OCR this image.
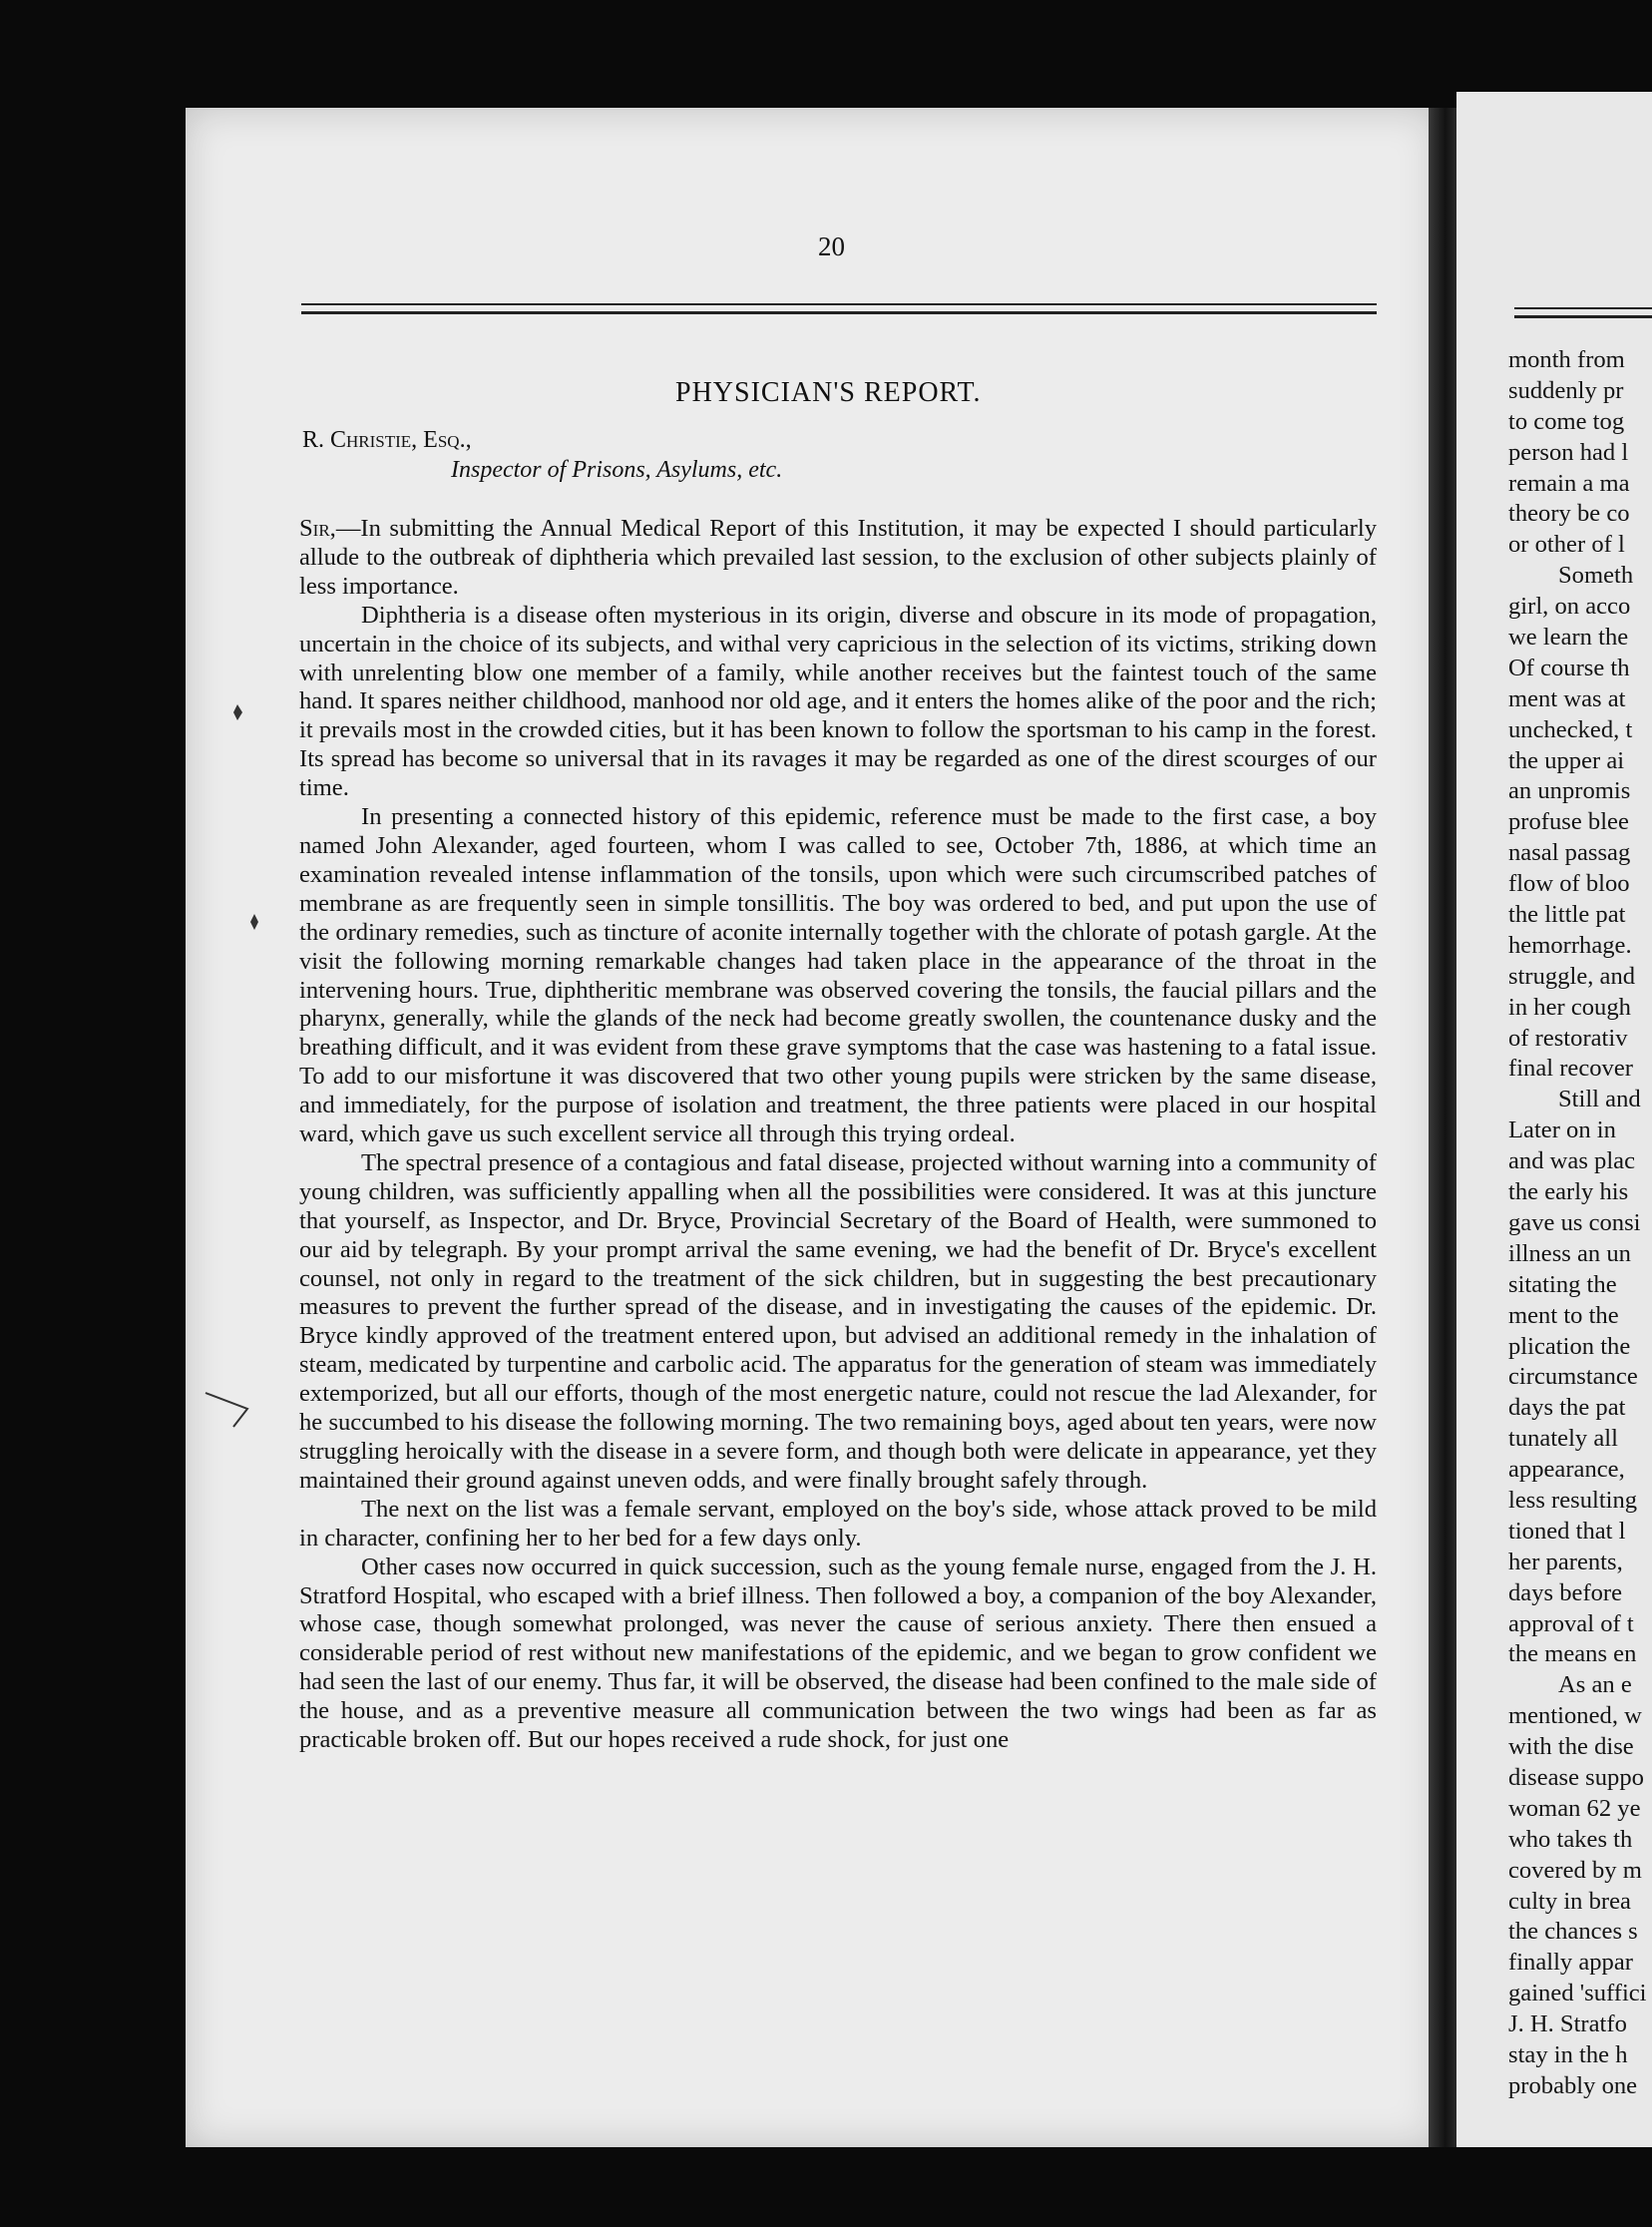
20
PHYSICIAN'S REPORT.
R. Christie, Esq.,
Inspector of Prisons, Asylums, etc.

Sir,—In submitting the Annual Medical Report of this Institution, it may be expected I should particularly allude to the outbreak of diphtheria which prevailed last session, to the exclusion of other subjects plainly of less importance.

Diphtheria is a disease often mysterious in its origin, diverse and obscure in its mode of propagation, uncertain in the choice of its subjects, and withal very capricious in the selection of its victims, striking down with unrelenting blow one member of a family, while another receives but the faintest touch of the same hand. It spares neither childhood, manhood nor old age, and it enters the homes alike of the poor and the rich; it prevails most in the crowded cities, but it has been known to follow the sportsman to his camp in the forest. Its spread has become so universal that in its ravages it may be regarded as one of the direst scourges of our time.

In presenting a connected history of this epidemic, reference must be made to the first case, a boy named John Alexander, aged fourteen, whom I was called to see, October 7th, 1886, at which time an examination revealed intense inflammation of the tonsils, upon which were such circumscribed patches of membrane as are frequently seen in simple tonsillitis. The boy was ordered to bed, and put upon the use of the ordinary remedies, such as tincture of aconite internally together with the chlorate of potash gargle. At the visit the following morning remarkable changes had taken place in the appearance of the throat in the intervening hours. True, diphtheritic membrane was observed covering the tonsils, the faucial pillars and the pharynx, generally, while the glands of the neck had become greatly swollen, the countenance dusky and the breathing difficult, and it was evident from these grave symptoms that the case was hastening to a fatal issue. To add to our misfortune it was discovered that two other young pupils were stricken by the same disease, and immediately, for the purpose of isolation and treatment, the three patients were placed in our hospital ward, which gave us such excellent service all through this trying ordeal.

The spectral presence of a contagious and fatal disease, projected without warning into a community of young children, was sufficiently appalling when all the possibilities were considered. It was at this juncture that yourself, as Inspector, and Dr. Bryce, Provincial Secretary of the Board of Health, were summoned to our aid by telegraph. By your prompt arrival the same evening, we had the benefit of Dr. Bryce's excellent counsel, not only in regard to the treatment of the sick children, but in suggesting the best precautionary measures to prevent the further spread of the disease, and in investigating the causes of the epidemic. Dr. Bryce kindly approved of the treatment entered upon, but advised an additional remedy in the inhalation of steam, medicated by turpentine and carbolic acid. The apparatus for the generation of steam was immediately extemporized, but all our efforts, though of the most energetic nature, could not rescue the lad Alexander, for he succumbed to his disease the following morning. The two remaining boys, aged about ten years, were now struggling heroically with the disease in a severe form, and though both were delicate in appearance, yet they maintained their ground against uneven odds, and were finally brought safely through.

The next on the list was a female servant, employed on the boy's side, whose attack proved to be mild in character, confining her to her bed for a few days only.

Other cases now occurred in quick succession, such as the young female nurse, engaged from the J. H. Stratford Hospital, who escaped with a brief illness. Then followed a boy, a companion of the boy Alexander, whose case, though somewhat prolonged, was never the cause of serious anxiety. There then ensued a considerable period of rest without new manifestations of the epidemic, and we began to grow confident we had seen the last of our enemy. Thus far, it will be observed, the disease had been confined to the male side of the house, and as a preventive measure all communication between the two wings had been as far as practicable broken off. But our hopes received a rude shock, for just one

month from
suddenly pr
to come tog
person had l
remain a ma
theory be co
or other of l
Someth
girl, on acco
we learn the
Of course th
ment was at
unchecked, t
the upper ai
an unpromis
profuse blee
nasal passag
flow of bloo
the little pat
hemorrhage.
struggle, and
in her cough
of restorativ
final recover
Still and
Later on in
and was plac
the early his
gave us consi
illness an un
sitating the
ment to the
plication the
circumstance
days the pat
tunately all
appearance,
less resulting
tioned that l
her parents,
days before
approval of t
the means en
As an e
mentioned, w
with the dise
disease suppo
woman 62 ye
who takes th
covered by m
culty in brea
the chances s
finally appar
gained 'suffici
J. H. Stratfo
stay in the h
probably one
